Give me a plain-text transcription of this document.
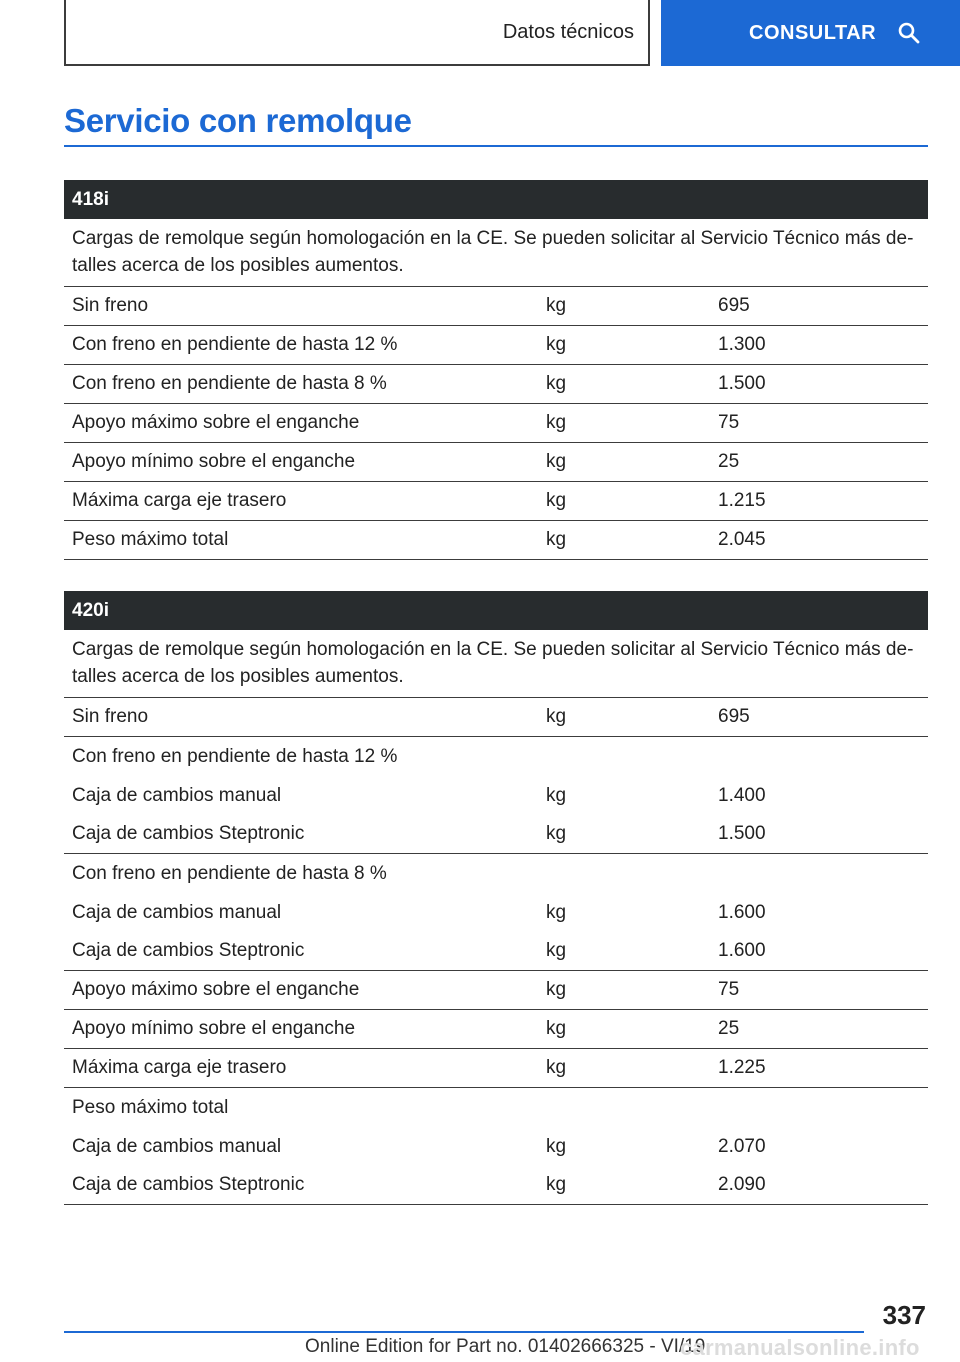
Datos técnicos	CONSULTAR
Servicio con remolque
418i
Cargas de remolque según homologación en la CE. Se pueden solicitar al Servicio Técnico más de- talles acerca de los posibles aumentos.
Sin freno	kg	695
Con freno en pendiente de hasta 12 %	kg	1.300
Con freno en pendiente de hasta 8 %	kg	1.500
Apoyo máximo sobre el enganche	kg	75
Apoyo mínimo sobre el enganche	kg	25
Máxima carga eje trasero	kg	1.215
Peso máximo total	kg	2.045
420i
Cargas de remolque según homologación en la CE. Se pueden solicitar al Servicio Técnico más de- talles acerca de los posibles aumentos.
Sin freno	kg	695
Con freno en pendiente de hasta 12 %
Caja de cambios manual	kg	1.400
Caja de cambios Steptronic	kg	1.500
Con freno en pendiente de hasta 8 %
Caja de cambios manual	kg	1.600
Caja de cambios Steptronic	kg	1.600
Apoyo máximo sobre el enganche	kg	75
Apoyo mínimo sobre el enganche	kg	25
Máxima carga eje trasero	kg	1.225
Peso máximo total
Caja de cambios manual	kg	2.070
Caja de cambios Steptronic	kg	2.090
337
Online Edition for Part no. 01402666325 - VI/19
carmanualsonline.info
